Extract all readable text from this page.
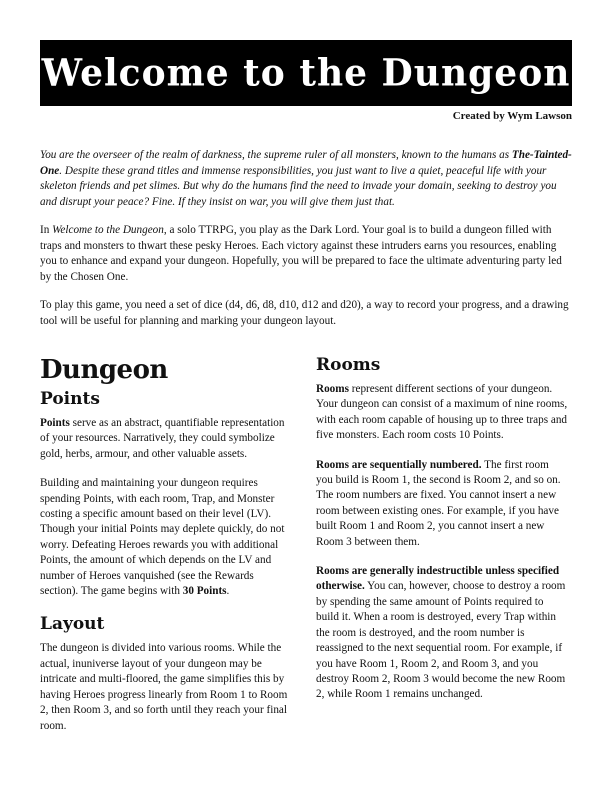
Welcome to the Dungeon
Created by Wym Lawson

You are the overseer of the realm of darkness, the supreme ruler of all monsters, known to the humans as The-Tainted-One. Despite these grand titles and immense responsibilities, you just want to live a quiet, peaceful life with your skeleton friends and pet slimes. But why do the humans find the need to invade your domain, seeking to destroy you and disrupt your peace? Fine. If they insist on war, you will give them just that.

In Welcome to the Dungeon, a solo TTRPG, you play as the Dark Lord. Your goal is to build a dungeon filled with traps and monsters to thwart these pesky Heroes. Each victory against these intruders earns you resources, enabling you to enhance and expand your dungeon. Hopefully, you will be prepared to face the ultimate adventuring party led by the Chosen One.

To play this game, you need a set of dice (d4, d6, d8, d10, d12 and d20), a way to record your progress, and a drawing tool will be useful for planning and marking your dungeon layout.

Dungeon
Points

Points serve as an abstract, quantifiable representation of your resources. Narratively, they could symbolize gold, herbs, armour, and other valuable assets.

Building and maintaining your dungeon requires spending Points, with each room, Trap, and Monster costing a specific amount based on their level (LV). Though your initial Points may deplete quickly, do not worry. Defeating Heroes rewards you with additional Points, the amount of which depends on the LV and number of Heroes vanquished (see the Rewards section). The game begins with 30 Points.

Layout

The dungeon is divided into various rooms. While the actual, inuniverse layout of your dungeon may be intricate and multi-floored, the game simplifies this by having Heroes progress linearly from Room 1 to Room 2, then Room 3, and so forth until they reach your final room.

Rooms

Rooms represent different sections of your dungeon. Your dungeon can consist of a maximum of nine rooms, with each room capable of housing up to three traps and five monsters. Each room costs 10 Points.

Rooms are sequentially numbered. The first room you build is Room 1, the second is Room 2, and so on. The room numbers are fixed. You cannot insert a new room between existing ones. For example, if you have built Room 1 and Room 2, you cannot insert a new Room 3 between them.

Rooms are generally indestructible unless specified otherwise. You can, however, choose to destroy a room by spending the same amount of Points required to build it. When a room is destroyed, every Trap within the room is destroyed, and the room number is reassigned to the next sequential room. For example, if you have Room 1, Room 2, and Room 3, and you destroy Room 2, Room 3 would become the new Room 2, while Room 1 remains unchanged.
